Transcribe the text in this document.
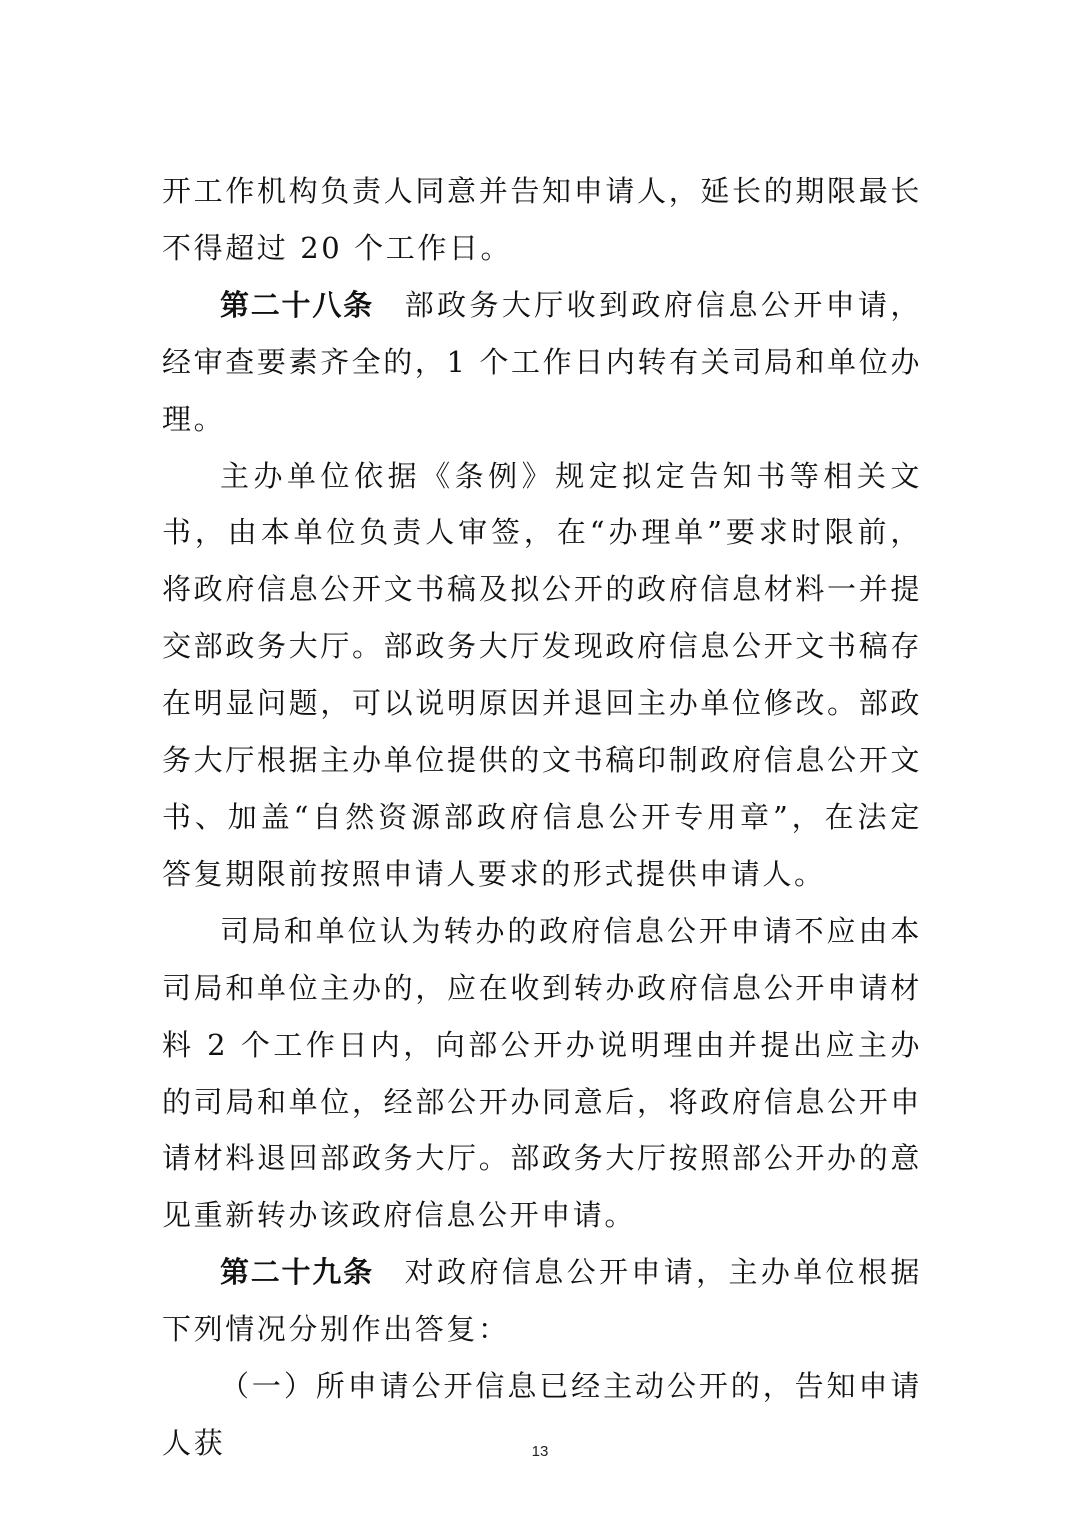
开工作机构负责人同意并告知申请人，延长的期限最长不得超过 20 个工作日。

第二十八条 部政务大厅收到政府信息公开申请，经审查要素齐全的，1 个工作日内转有关司局和单位办理。

主办单位依据《条例》规定拟定告知书等相关文书，由本单位负责人审签，在“办理单”要求时限前，将政府信息公开文书稿及拟公开的政府信息材料一并提交部政务大厅。部政务大厅发现政府信息公开文书稿存在明显问题，可以说明原因并退回主办单位修改。部政务大厅根据主办单位提供的文书稿印制政府信息公开文书、加盖“自然资源部政府信息公开专用章”，在法定答复期限前按照申请人要求的形式提供申请人。

司局和单位认为转办的政府信息公开申请不应由本司局和单位主办的，应在收到转办政府信息公开申请材料 2 个工作日内，向部公开办说明理由并提出应主办的司局和单位，经部公开办同意后，将政府信息公开申请材料退回部政务大厅。部政务大厅按照部公开办的意见重新转办该政府信息公开申请。

第二十九条 对政府信息公开申请，主办单位根据下列情况分别作出答复：

（一）所申请公开信息已经主动公开的，告知申请人获	13
